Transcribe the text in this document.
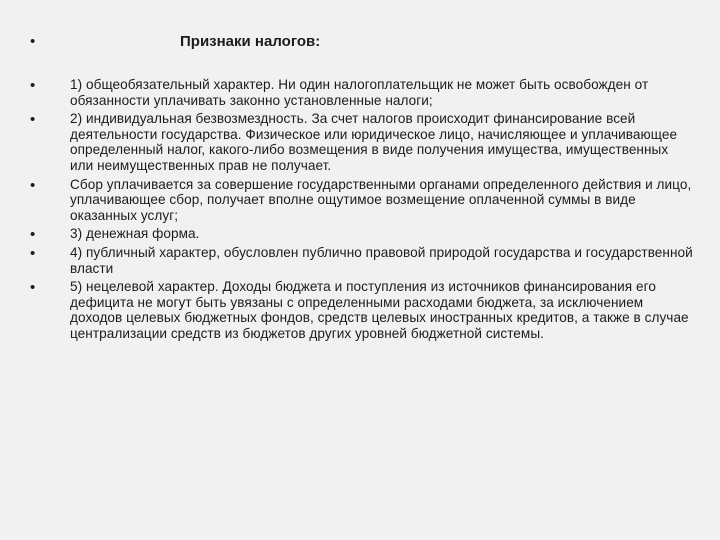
•	Признаки налогов:
•	1) общеобязательный характер. Ни один налогоплательщик не может быть освобожден от обязанности уплачивать законно установленные налоги;
•	2) индивидуальная безвозмездность. За счет налогов происходит финансирование всей деятельности государства. Физическое или юридическое лицо, начисляющее и уплачивающее определенный налог, какого-либо возмещения в виде получения имущества, имущественных или неимущественных прав не получает.
•	Сбор уплачивается за совершение государственными органами определенного действия и лицо, уплачивающее сбор, получает вполне ощутимое возмещение оплаченной суммы в виде оказанных услуг;
•	3) денежная форма.
•	4) публичный характер, обусловлен публично правовой природой государства и государственной власти
•	5) нецелевой характер. Доходы бюджета и поступления из источников финансирования его дефицита не могут быть увязаны с определенными расходами бюджета, за исключением доходов целевых бюджетных фондов, средств целевых иностранных кредитов, а также в случае централизации средств из бюджетов других уровней бюджетной системы.
